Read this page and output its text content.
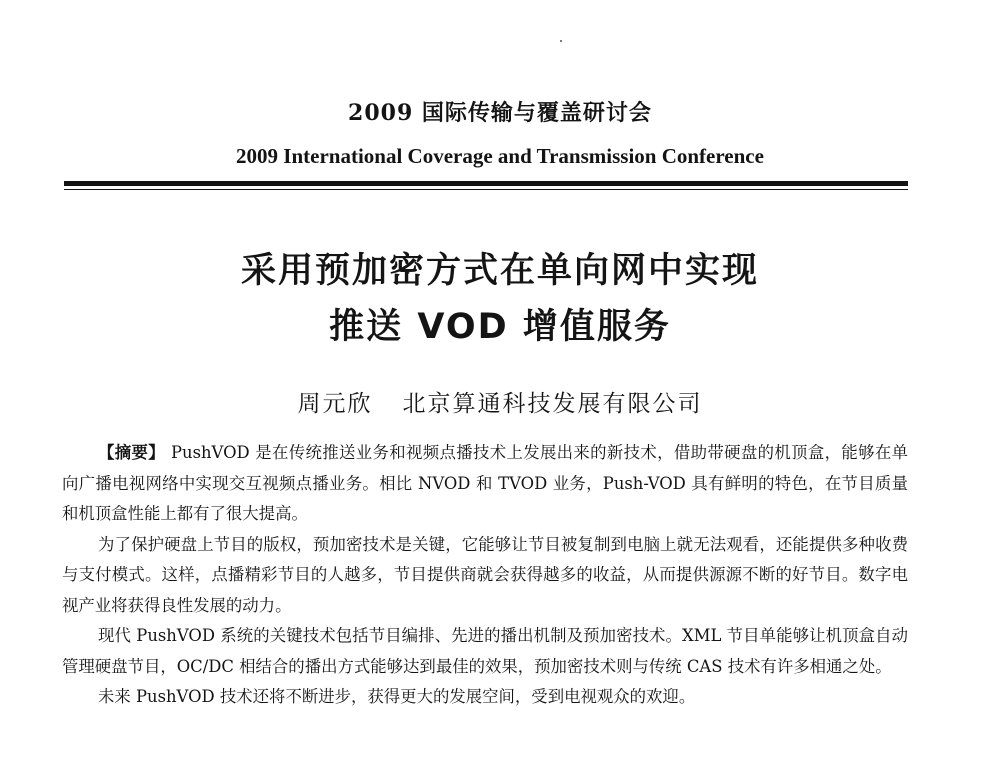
2009 国际传输与覆盖研讨会
2009 International Coverage and Transmission Conference
采用预加密方式在单向网中实现
推送 VOD 增值服务
周元欣 北京算通科技发展有限公司

【摘要】 PushVOD 是在传统推送业务和视频点播技术上发展出来的新技术，借助带硬盘的机顶盒，能够在单向广播电视网络中实现交互视频点播业务。相比 NVOD 和 TVOD 业务，Push-VOD 具有鲜明的特色，在节目质量和机顶盒性能上都有了很大提高。

为了保护硬盘上节目的版权，预加密技术是关键，它能够让节目被复制到电脑上就无法观看，还能提供多种收费与支付模式。这样，点播精彩节目的人越多，节目提供商就会获得越多的收益，从而提供源源不断的好节目。数字电视产业将获得良性发展的动力。

现代 PushVOD 系统的关键技术包括节目编排、先进的播出机制及预加密技术。XML 节目单能够让机顶盒自动管理硬盘节目，OC/DC 相结合的播出方式能够达到最佳的效果，预加密技术则与传统 CAS 技术有许多相通之处。

未来 PushVOD 技术还将不断进步，获得更大的发展空间，受到电视观众的欢迎。
